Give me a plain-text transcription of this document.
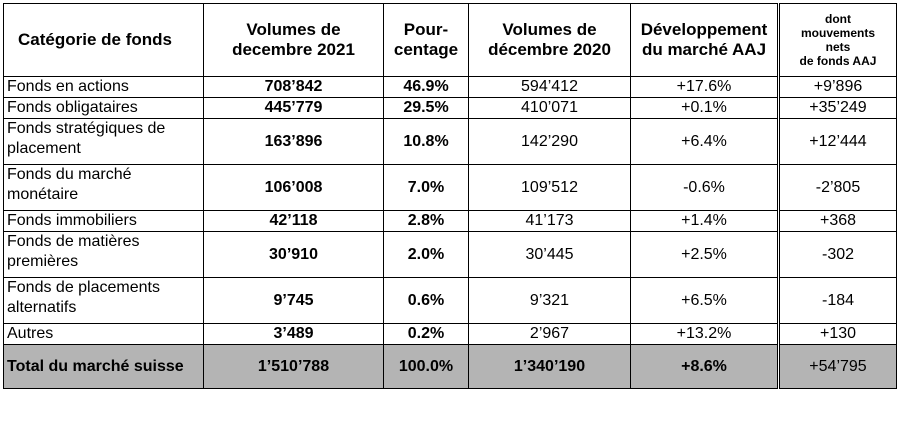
Catégorie de fonds	Volumes de decembre 2021	Pour-centage	Volumes de décembre 2020	Développement du marché AAJ	dont
mouvements
nets
de fonds AAJ

Fonds en actions	708’842	46.9%	594’412	+17.6%	+9’896
Fonds obligataires	445’779	29.5%	410’071	+0.1%	+35’249
Fonds stratégiques de placement	163’896	10.8%	142’290	+6.4%	+12’444
Fonds du marché monétaire	106’008	7.0%	109’512	-0.6%	-2’805
Fonds immobiliers	42’118	2.8%	41’173	+1.4%	+368
Fonds de matières premières	30’910	2.0%	30’445	+2.5%	-302
Fonds de placements alternatifs	9’745	0.6%	9’321	+6.5%	-184
Autres	3’489	0.2%	2’967	+13.2%	+130
Total du marché suisse	1’510’788	100.0%	1’340’190	+8.6%	+54’795
